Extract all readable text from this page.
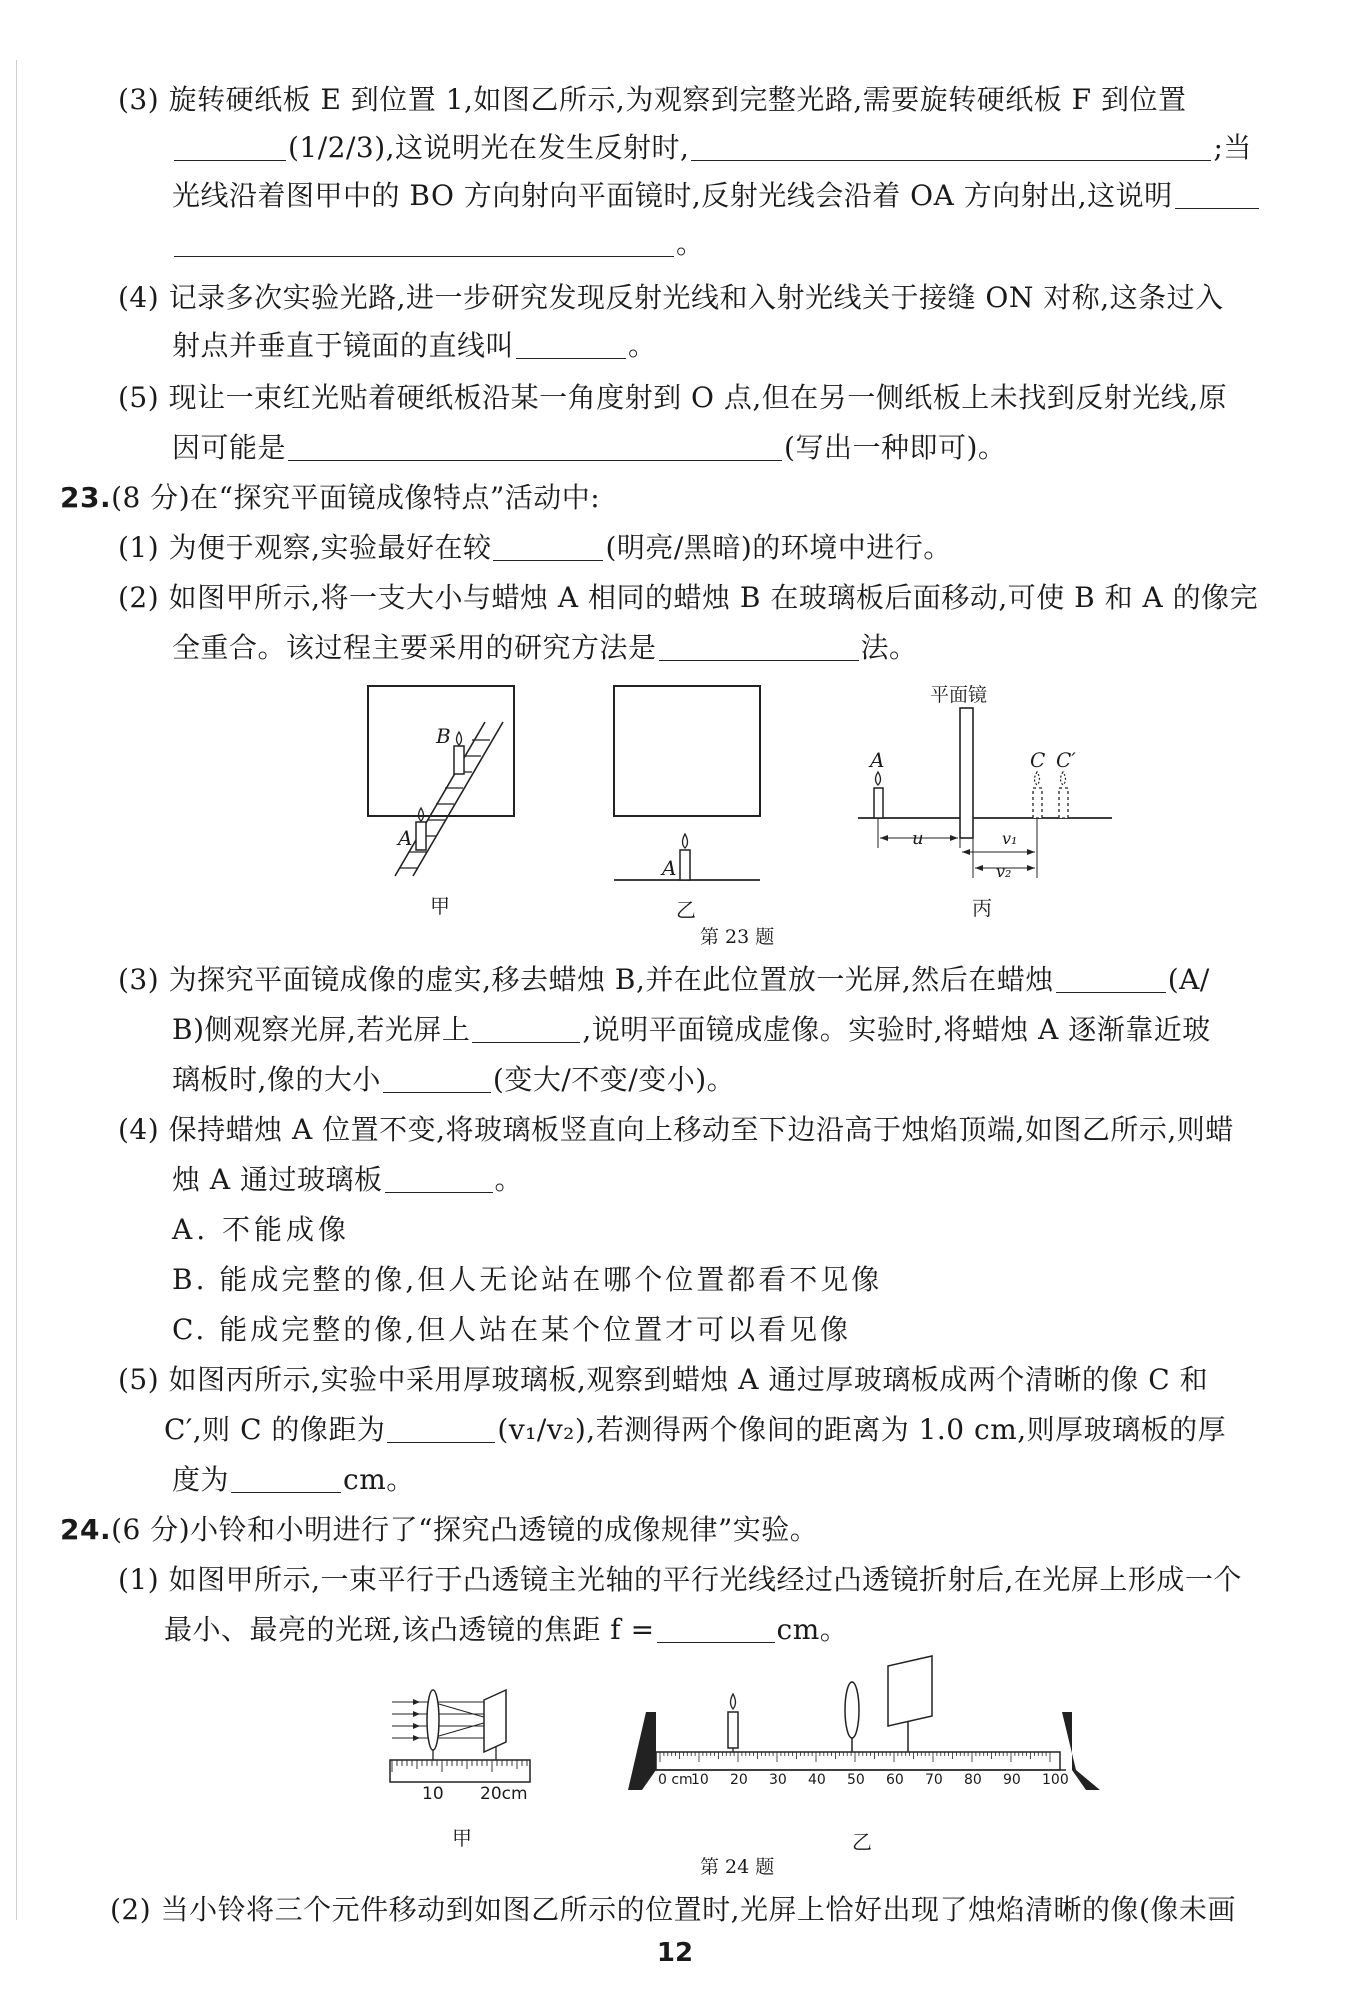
(3) 旋转硬纸板 E 到位置 1,如图乙所示,为观察到完整光路,需要旋转硬纸板 F 到位置
(1/2/3),这说明光在发生反射时,	;当
光线沿着图甲中的 BO 方向射向平面镜时,反射光线会沿着 OA 方向射出,这说明
。
(4) 记录多次实验光路,进一步研究发现反射光线和入射光线关于接缝 ON 对称,这条过入
射点并垂直于镜面的直线叫	。
(5) 现让一束红光贴着硬纸板沿某一角度射到 O 点,但在另一侧纸板上未找到反射光线,原
因可能是	(写出一种即可)。
23.(8 分)在“探究平面镜成像特点”活动中:
(1) 为便于观察,实验最好在较	(明亮/黑暗)的环境中进行。
(2) 如图甲所示,将一支大小与蜡烛 A 相同的蜡烛 B 在玻璃板后面移动,可使 B 和 A 的像完
全重合。该过程主要采用的研究方法是	法。
B
A
A
平面镜
A	C C′
u	v₁
v₂
甲	乙	丙
第 23 题
(3) 为探究平面镜成像的虚实,移去蜡烛 B,并在此位置放一光屏,然后在蜡烛	(A/
B)侧观察光屏,若光屏上	,说明平面镜成虚像。实验时,将蜡烛 A 逐渐靠近玻
璃板时,像的大小	(变大/不变/变小)。
(4) 保持蜡烛 A 位置不变,将玻璃板竖直向上移动至下边沿高于烛焰顶端,如图乙所示,则蜡
烛 A 通过玻璃板	。
A. 不能成像
B. 能成完整的像,但人无论站在哪个位置都看不见像
C. 能成完整的像,但人站在某个位置才可以看见像
(5) 如图丙所示,实验中采用厚玻璃板,观察到蜡烛 A 通过厚玻璃板成两个清晰的像 C 和
C′,则 C 的像距为	(v₁/v₂),若测得两个像间的距离为 1.0 cm,则厚玻璃板的厚
度为	cm。
24.(6 分)小铃和小明进行了“探究凸透镜的成像规律”实验。
(1) 如图甲所示,一束平行于凸透镜主光轴的平行光线经过凸透镜折射后,在光屏上形成一个
最小、最亮的光斑,该凸透镜的焦距 f =	cm。
10 20cm
0 cm
10 20 30 40 50 60 70 80 90 100
甲	乙
第 24 题
(2) 当小铃将三个元件移动到如图乙所示的位置时,光屏上恰好出现了烛焰清晰的像(像未画
12
